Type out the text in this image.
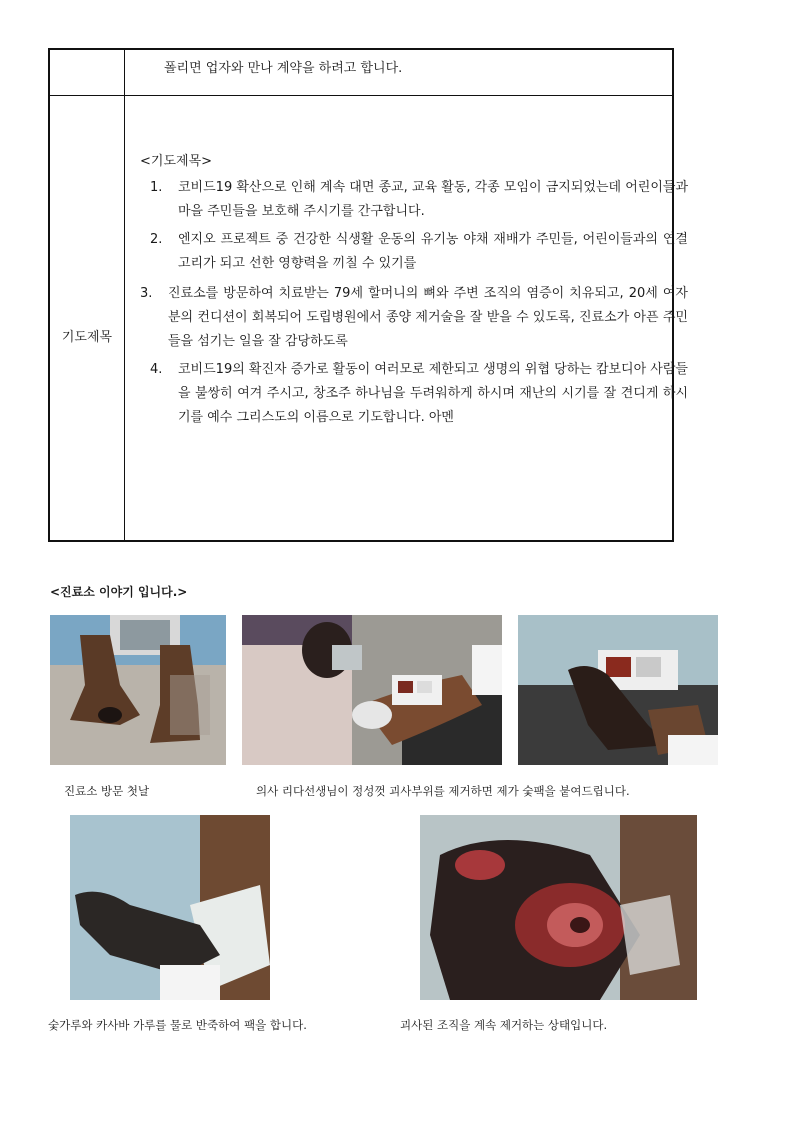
폴리면 업자와 만나 계약을 하려고 합니다.
기도제목
<기도제목>
1. 코비드19 확산으로 인해 계속 대면 종교, 교육 활동, 각종 모임이 금지되었는데 어린이들과 마을 주민들을 보호해 주시기를 간구합니다.
2. 엔지오 프로젝트 중 건강한 식생활 운동의 유기농 야채 재배가 주민들, 어린이들과의 연결고리가 되고 선한 영향력을 끼칠 수 있기를
3. 진료소를 방문하여 치료받는 79세 할머니의 뼈와 주변 조직의 염증이 치유되고, 20세 여자분의 컨디션이 회복되어 도립병원에서 종양 제거술을 잘 받을 수 있도록, 진료소가 아픈 주민들을 섬기는 일을 잘 감당하도록
4. 코비드19의 확진자 증가로 활동이 여러모로 제한되고 생명의 위협 당하는 캄보디아 사람들을 불쌍히 여겨 주시고, 창조주 하나님을 두려워하게 하시며 재난의 시기를 잘 견디게 하시기를 예수 그리스도의 이름으로 기도합니다. 아멘
<진료소 이야기 입니다.>
진료소 방문 첫날	의사 리다선생님이 정성껏 괴사부위를 제거하면 제가 숯팩을 붙여드립니다.
숯가루와 카사바 가루를 물로 반죽하여 팩을 합니다.	괴사된 조직을 계속 제거하는 상태입니다.
